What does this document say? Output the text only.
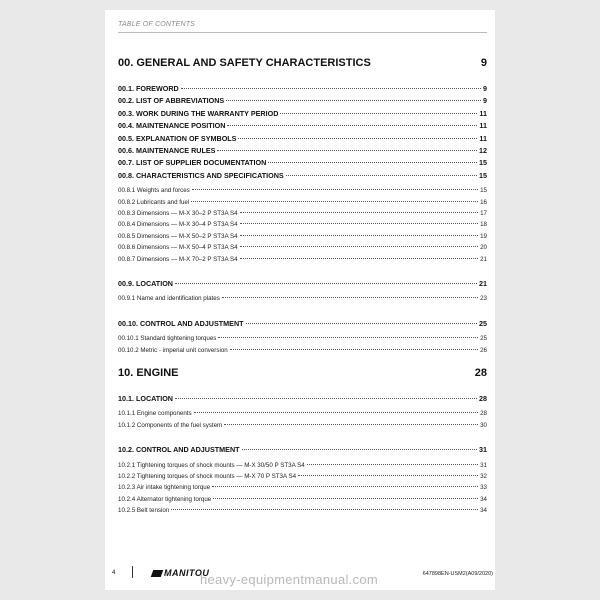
TABLE OF CONTENTS
00. GENERAL AND SAFETY CHARACTERISTICS	9
00.1. FOREWORD	9
00.2. LIST OF ABBREVIATIONS	9
00.3. WORK DURING THE WARRANTY PERIOD	11
00.4. MAINTENANCE POSITION	11
00.5. EXPLANATION OF SYMBOLS	11
00.6. MAINTENANCE RULES	12
00.7. LIST OF SUPPLIER DOCUMENTATION	15
00.8. CHARACTERISTICS AND SPECIFICATIONS	15
00.8.1 Weights and forces	15
00.8.2 Lubricants and fuel	16
00.8.3 Dimensions — M-X 30–2 P ST3A S4	17
00.8.4 Dimensions — M-X 30–4 P ST3A S4	18
00.8.5 Dimensions — M-X 50–2 P ST3A S4	19
00.8.6 Dimensions — M-X 50–4 P ST3A S4	20
00.8.7 Dimensions — M-X 70–2 P ST3A S4	21
00.9. LOCATION	21
00.9.1 Name and identification plates	23
00.10. CONTROL AND ADJUSTMENT	25
00.10.1 Standard tightening torques	25
00.10.2 Metric - imperial unit conversion	26
10. ENGINE	28
10.1. LOCATION	28
10.1.1 Engine components	28
10.1.2 Components of the fuel system	30
10.2. CONTROL AND ADJUSTMENT	31
10.2.1 Tightening torques of shock mounts — M-X 30/50 P ST3A S4	31
10.2.2 Tightening torques of shock mounts — M-X 70 P ST3A S4	32
10.2.3 Air intake tightening torque	33
10.2.4 Alternator tightening torque	34
10.2.5 Belt tension	34
4	MANITOU
heavy-equipmentmanual.com	647898EN-USM2(A09/2020)
